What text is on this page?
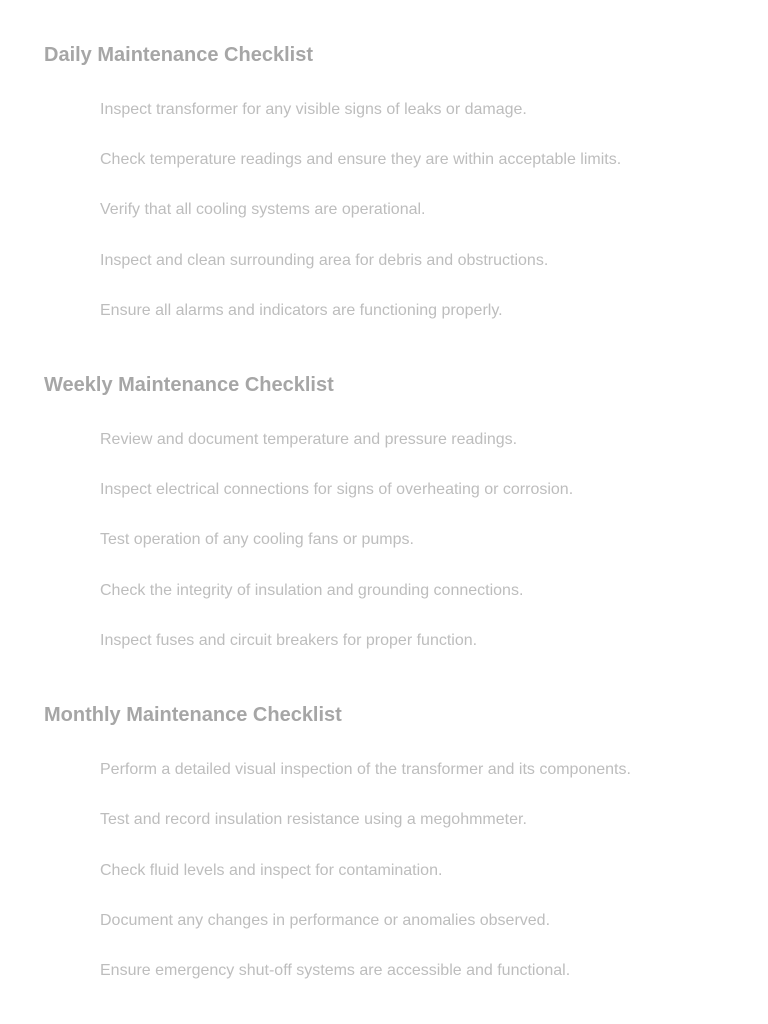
Daily Maintenance Checklist
Inspect transformer for any visible signs of leaks or damage.
Check temperature readings and ensure they are within acceptable limits.
Verify that all cooling systems are operational.
Inspect and clean surrounding area for debris and obstructions.
Ensure all alarms and indicators are functioning properly.
Weekly Maintenance Checklist
Review and document temperature and pressure readings.
Inspect electrical connections for signs of overheating or corrosion.
Test operation of any cooling fans or pumps.
Check the integrity of insulation and grounding connections.
Inspect fuses and circuit breakers for proper function.
Monthly Maintenance Checklist
Perform a detailed visual inspection of the transformer and its components.
Test and record insulation resistance using a megohmmeter.
Check fluid levels and inspect for contamination.
Document any changes in performance or anomalies observed.
Ensure emergency shut-off systems are accessible and functional.
